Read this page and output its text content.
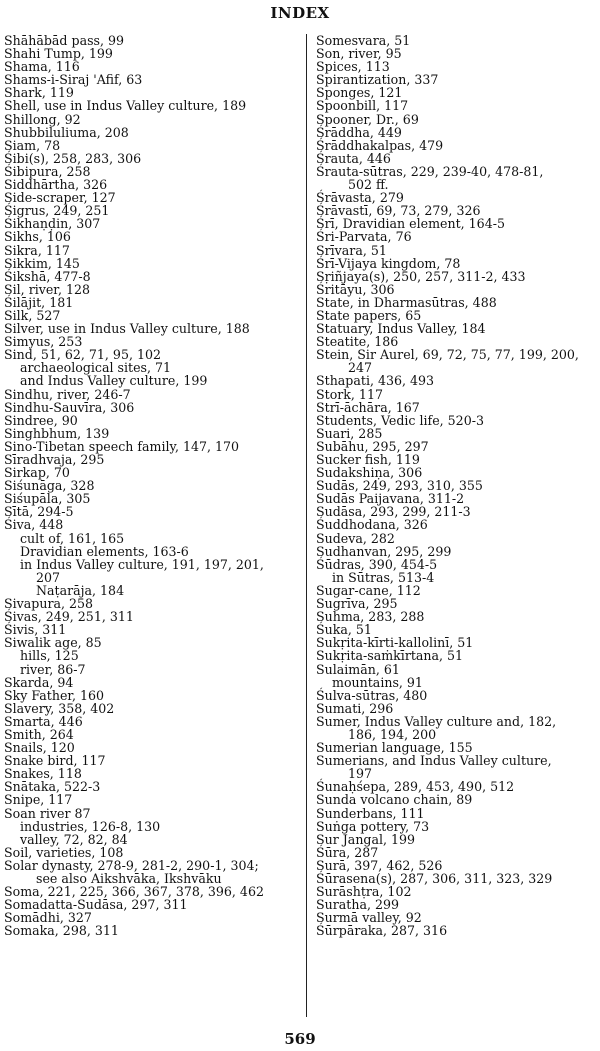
INDEX
Shāhābād pass, 99
Shahi Tump, 199
Shama, 116
Shams-i-Siraj 'Afif, 63
Shark, 119
Shell, use in Indus Valley culture, 189
Shillong, 92
Shubbiluliuma, 208
Siam, 78
Śibi(s), 258, 283, 306
Śibipura, 258
Siddhārtha, 326
Side-scraper, 127
Śigrus, 249, 251
Śikhaṇḍin, 307
Sikhs, 106
Sikra, 117
Sikkim, 145
Śikshā, 477-8
Sil, river, 128
Śilājit, 181
Silk, 527
Silver, use in Indus Valley culture, 188
Simyus, 253
Sind, 51, 62, 71, 95, 102
archaeological sites, 71
and Indus Valley culture, 199
Sindhu, river, 246-7
Sindhu-Sauvīra, 306
Sindree, 90
Singhbhum, 139
Sino-Tibetan speech family, 147, 170
Sīradhvaja, 295
Sirkap, 70
Siśunāga, 328
Siśupāla, 305
Sītā, 294-5
Śiva, 448
cult of, 161, 165
Dravidian elements, 163-6
in Indus Valley culture, 191, 197, 201,
207
Naṭarāja, 184
Sivapura, 258
Śivas, 249, 251, 311
Śivis, 311
Siwalik age, 85
hills, 125
river, 86-7
Skarda, 94
Sky Father, 160
Slavery, 358, 402
Smarta, 446
Smith, 264
Snails, 120
Snake bird, 117
Snakes, 118
Snātaka, 522-3
Snipe, 117
Soan river 87
industries, 126-8, 130
valley, 72, 82, 84
Soil, varieties, 108
Solar dynasty, 278-9, 281-2, 290-1, 304;
see also Aikshvāka, Ikshvāku
Soma, 221, 225, 366, 367, 378, 396, 462
Somadatta-Sudāsa, 297, 311
Somādhi, 327
Somaka, 298, 311
Somesvara, 51
Son, river, 95
Spices, 113
Spirantization, 337
Sponges, 121
Spoonbill, 117
Spooner, Dr., 69
Śrāddha, 449
Śrāddhakalpas, 479
Śrauta, 446
Śrauta-sūtras, 229, 239-40, 478-81,
502 ff.
Śrāvasta, 279
Śrāvastī, 69, 73, 279, 326
Śrī, Dravidian element, 164-5
Śri-Parvata, 76
Srīvara, 51
Śrī-Vijaya kingdom, 78
Sṛiñjaya(s), 250, 257, 311-2, 433
Śritāyu, 306
State, in Dharmasūtras, 488
State papers, 65
Statuary, Indus Valley, 184
Steatite, 186
Stein, Sir Aurel, 69, 72, 75, 77, 199, 200,
247
Sthapati, 436, 493
Stork, 117
Strī-āchāra, 167
Students, Vedic life, 520-3
Suari, 285
Subāhu, 295, 297
Sucker fish, 119
Sudakshiṇa, 306
Sudās, 249, 293, 310, 355
Sudās Paijavana, 311-2
Sudāsa, 293, 299, 211-3
Śuddhodana, 326
Sudeva, 282
Sudhanvan, 295, 299
Śūdras, 390, 454-5
in Sūtras, 513-4
Sugar-cane, 112
Sugrīva, 295
Suhma, 283, 288
Śuka, 51
Sukṛita-kīrti-kallolinī, 51
Sukṛita-saṁkīrtana, 51
Sulaimān, 61
mountains, 91
Śulva-sūtras, 480
Sumati, 296
Sumer, Indus Valley culture and, 182,
186, 194, 200
Sumerian language, 155
Sumerians, and Indus Valley culture,
197
Śunaḥśepa, 289, 453, 490, 512
Sunda volcano chain, 89
Sunderbans, 111
Suṅga pottery, 73
Sur Jangal, 199
Śūra, 287
Surā, 397, 462, 526
Śūrasena(s), 287, 306, 311, 323, 329
Surāshṭra, 102
Suratha, 299
Surmā valley, 92
Śūrpāraka, 287, 316
569
